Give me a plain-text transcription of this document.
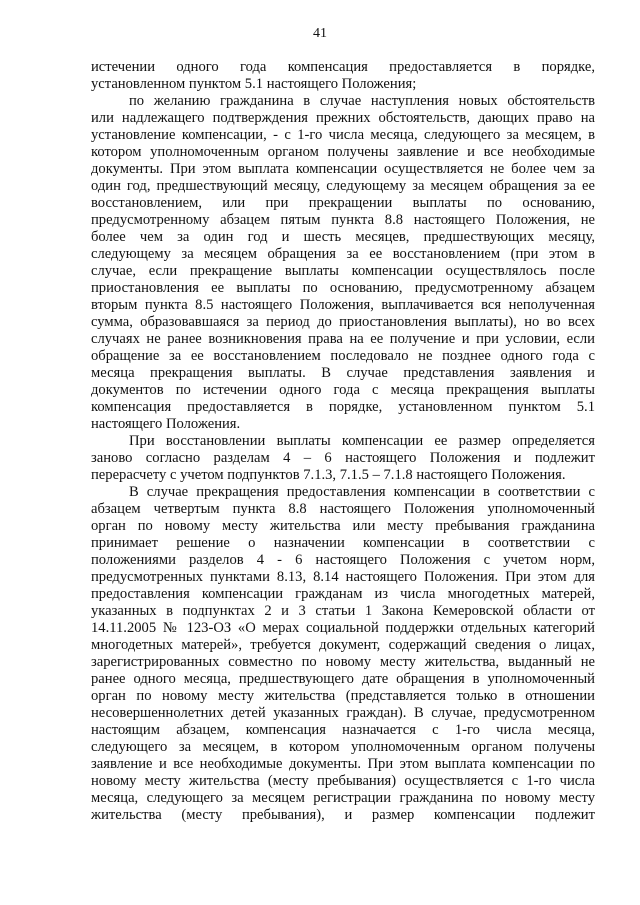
41
истечении одного года компенсация предоставляется в порядке,
установленном пунктом 5.1 настоящего Положения;
по желанию гражданина в случае наступления новых обстоятельств
или надлежащего подтверждения прежних обстоятельств, дающих право на
установление компенсации, - с 1-го числа месяца, следующего за месяцем, в
котором уполномоченным органом получены заявление и все необходимые
документы. При этом выплата компенсации осуществляется не более чем за
один год, предшествующий месяцу, следующему за месяцем обращения за ее
восстановлением, или при прекращении выплаты по основанию,
предусмотренному абзацем пятым пункта 8.8 настоящего Положения, не
более чем за один год и шесть месяцев, предшествующих месяцу,
следующему за месяцем обращения за ее восстановлением (при этом в
случае, если прекращение выплаты компенсации осуществлялось после
приостановления ее выплаты по основанию, предусмотренному абзацем
вторым пункта 8.5 настоящего Положения, выплачивается вся неполученная
сумма, образовавшаяся за период до приостановления выплаты), но во всех
случаях не ранее возникновения права на ее получение и при условии, если
обращение за ее восстановлением последовало не позднее одного года с
месяца прекращения выплаты. В случае представления заявления и
документов по истечении одного года с месяца прекращения выплаты
компенсация предоставляется в порядке, установленном пунктом 5.1
настоящего Положения.
При восстановлении выплаты компенсации ее размер определяется
заново согласно разделам 4 – 6 настоящего Положения и подлежит
перерасчету с учетом подпунктов 7.1.3, 7.1.5 – 7.1.8 настоящего Положения.
В случае прекращения предоставления компенсации в соответствии с
абзацем четвертым пункта 8.8 настоящего Положения уполномоченный
орган по новому месту жительства или месту пребывания гражданина
принимает решение о назначении компенсации в соответствии с
положениями разделов 4 - 6 настоящего Положения с учетом норм,
предусмотренных пунктами 8.13, 8.14 настоящего Положения. При этом для
предоставления компенсации гражданам из числа многодетных матерей,
указанных в подпунктах 2 и 3 статьи 1 Закона Кемеровской области от
14.11.2005 № 123-ОЗ «О мерах социальной поддержки отдельных категорий
многодетных матерей», требуется документ, содержащий сведения о лицах,
зарегистрированных совместно по новому месту жительства, выданный не
ранее одного месяца, предшествующего дате обращения в уполномоченный
орган по новому месту жительства (представляется только в отношении
несовершеннолетних детей указанных граждан). В случае, предусмотренном
настоящим абзацем, компенсация назначается с 1-го числа месяца,
следующего за месяцем, в котором уполномоченным органом получены
заявление и все необходимые документы. При этом выплата компенсации по
новому месту жительства (месту пребывания) осуществляется с 1-го числа
месяца, следующего за месяцем регистрации гражданина по новому месту
жительства (месту пребывания), и размер компенсации подлежит
